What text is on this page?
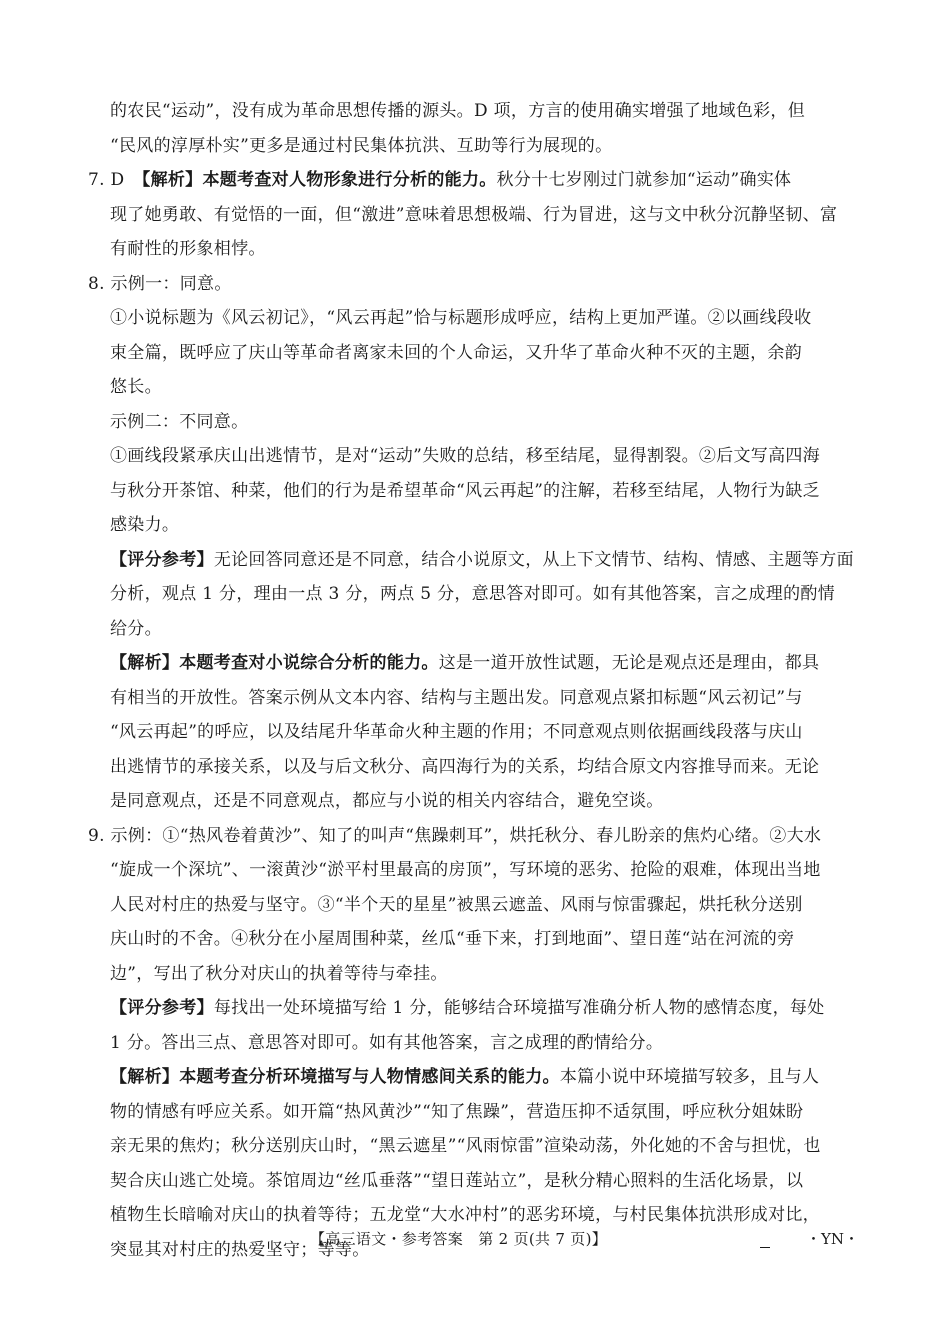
的农民“运动”，没有成为革命思想传播的源头。D 项，方言的使用确实增强了地域色彩，但
“民风的淳厚朴实”更多是通过村民集体抗洪、互助等行为展现的。
7. D　【解析】本题考查对人物形象进行分析的能力。秋分十七岁刚过门就参加“运动”确实体
现了她勇敢、有觉悟的一面，但“激进”意味着思想极端、行为冒进，这与文中秋分沉静坚韧、富
有耐性的形象相悖。
8. 示例一：同意。
①小说标题为《风云初记》，“风云再起”恰与标题形成呼应，结构上更加严谨。②以画线段收
束全篇，既呼应了庆山等革命者离家未回的个人命运，又升华了革命火种不灭的主题，余韵
悠长。
示例二：不同意。
①画线段紧承庆山出逃情节，是对“运动”失败的总结，移至结尾，显得割裂。②后文写高四海
与秋分开茶馆、种菜，他们的行为是希望革命“风云再起”的注解，若移至结尾，人物行为缺乏
感染力。
【评分参考】无论回答同意还是不同意，结合小说原文，从上下文情节、结构、情感、主题等方面
分析，观点 1 分，理由一点 3 分，两点 5 分，意思答对即可。如有其他答案，言之成理的酌情
给分。
【解析】本题考查对小说综合分析的能力。这是一道开放性试题，无论是观点还是理由，都具
有相当的开放性。答案示例从文本内容、结构与主题出发。同意观点紧扣标题“风云初记”与
“风云再起”的呼应，以及结尾升华革命火种主题的作用；不同意观点则依据画线段落与庆山
出逃情节的承接关系，以及与后文秋分、高四海行为的关系，均结合原文内容推导而来。无论
是同意观点，还是不同意观点，都应与小说的相关内容结合，避免空谈。
9. 示例：①“热风卷着黄沙”、知了的叫声“焦躁刺耳”，烘托秋分、春儿盼亲的焦灼心绪。②大水
“旋成一个深坑”、一滚黄沙“淤平村里最高的房顶”，写环境的恶劣、抢险的艰难，体现出当地
人民对村庄的热爱与坚守。③“半个天的星星”被黑云遮盖、风雨与惊雷骤起，烘托秋分送别
庆山时的不舍。④秋分在小屋周围种菜，丝瓜“垂下来，打到地面”、望日莲“站在河流的旁
边”，写出了秋分对庆山的执着等待与牵挂。
【评分参考】每找出一处环境描写给 1 分，能够结合环境描写准确分析人物的感情态度，每处
1 分。答出三点、意思答对即可。如有其他答案，言之成理的酌情给分。
【解析】本题考查分析环境描写与人物情感间关系的能力。本篇小说中环境描写较多，且与人
物的情感有呼应关系。如开篇“热风黄沙”“知了焦躁”，营造压抑不适氛围，呼应秋分姐妹盼
亲无果的焦灼；秋分送别庆山时，“黑云遮星”“风雨惊雷”渲染动荡，外化她的不舍与担忧，也
契合庆山逃亡处境。茶馆周边“丝瓜垂落”“望日莲站立”，是秋分精心照料的生活化场景，以
植物生长暗喻对庆山的执着等待；五龙堂“大水冲村”的恶劣环境，与村民集体抗洪形成对比，
突显其对村庄的热爱坚守；等等。
【高三语文・参考答案　第 2 页(共 7 页)】	・YN・
